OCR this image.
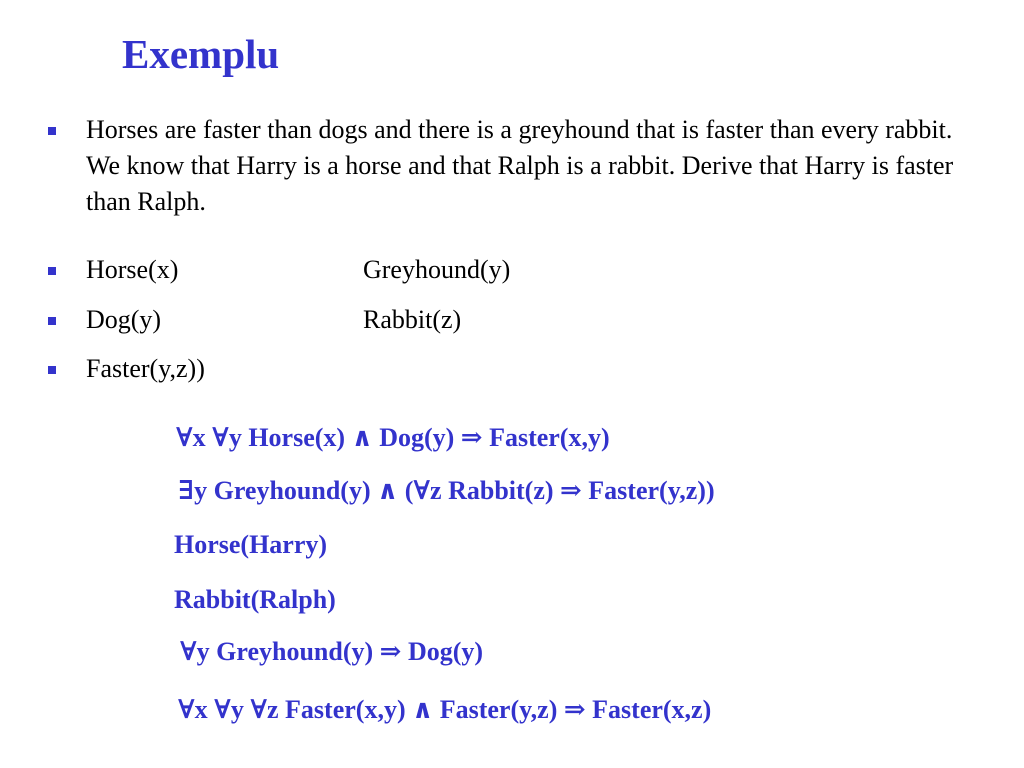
Exemplu
Horses are faster than dogs and there is a greyhound that is faster than every rabbit. We know that Harry is a horse and that Ralph is a rabbit. Derive that Harry is faster than Ralph.
Horse(x)	Greyhound(y)
Dog(y)	Rabbit(z)
Faster(y,z))
∀x ∀y Horse(x) ∧ Dog(y) ⇒ Faster(x,y)
∃y Greyhound(y) ∧ (∀z Rabbit(z) ⇒ Faster(y,z))
Horse(Harry)
Rabbit(Ralph)
∀y Greyhound(y) ⇒ Dog(y)
∀x ∀y ∀z Faster(x,y) ∧ Faster(y,z) ⇒ Faster(x,z)
